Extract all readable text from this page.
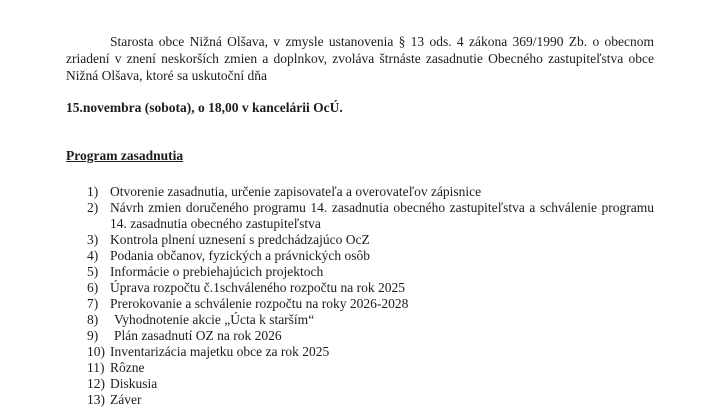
Starosta obce Nižná Olšava, v zmysle ustanovenia § 13 ods. 4 zákona 369/1990 Zb. o obecnom zriadení v znení neskorších zmien a doplnkov, zvoláva štrnáste zasadnutie Obecného zastupiteľstva obce Nižná Olšava, ktoré sa uskutoční dňa

15.novembra (sobota), o 18,00 v kancelárii OcÚ.

Program zasadnutia
1) Otvorenie zasadnutia, určenie zapisovateľa a overovateľov zápisnice
2) Návrh zmien doručeného programu 14. zasadnutia obecného zastupiteľstva a schválenie programu 14. zasadnutia obecného zastupiteľstva
3) Kontrola plnení uznesení s predchádzajúco OcZ
4) Podania občanov, fyzických a právnických osôb
5) Informácie o prebiehajúcich projektoch
6) Úprava rozpočtu č.1schváleného rozpočtu na rok 2025
7) Prerokovanie a schválenie rozpočtu na roky 2026-2028
8)	Vyhodnotenie akcie „Úcta k starším“
9)	Plán zasadnutí OZ na rok 2026
10) Inventarizácia majetku obce za rok 2025
11) Rôzne
12) Diskusia
13) Záver
